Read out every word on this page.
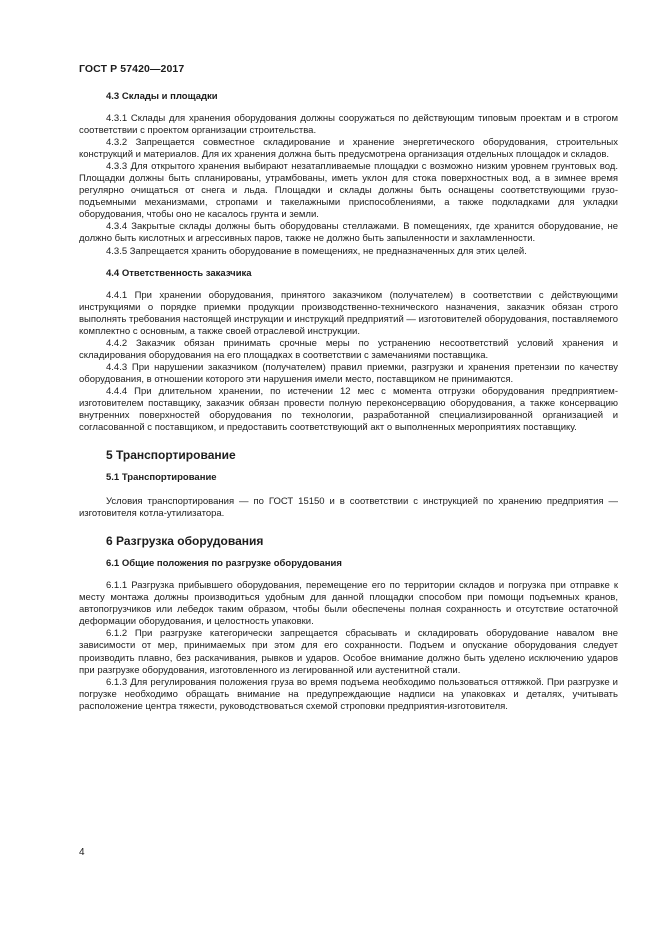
ГОСТ Р 57420—2017

4.3 Склады и площадки

4.3.1 Склады для хранения оборудования должны сооружаться по действующим типовым проектам и в строгом соответствии с проектом организации строительства.

4.3.2 Запрещается совместное складирование и хранение энергетического оборудования, строительных конструкций и материалов. Для их хранения должна быть предусмотрена организация отдельных площадок и складов.

4.3.3 Для открытого хранения выбирают незатапливаемые площадки с возможно низким уровнем грунтовых вод. Площадки должны быть спланированы, утрамбованы, иметь уклон для стока поверхностных вод, а в зимнее время регулярно очищаться от снега и льда. Площадки и склады должны быть оснащены соответствующими грузо-подъемными механизмами, стропами и такелажными приспособлениями, а также подкладками для укладки оборудования, чтобы оно не касалось грунта и земли.

4.3.4 Закрытые склады должны быть оборудованы стеллажами. В помещениях, где хранится оборудование, не должно быть кислотных и агрессивных паров, также не должно быть запыленности и захламленности.

4.3.5 Запрещается хранить оборудование в помещениях, не предназначенных для этих целей.

4.4 Ответственность заказчика

4.4.1 При хранении оборудования, принятого заказчиком (получателем) в соответствии с действующими инструкциями о порядке приемки продукции производственно-технического назначения, заказчик обязан строго выполнять требования настоящей инструкции и инструкций предприятий — изготовителей оборудования, поставляемого комплектно с основным, а также своей отраслевой инструкции.

4.4.2 Заказчик обязан принимать срочные меры по устранению несоответствий условий хранения и складирования оборудования на его площадках в соответствии с замечаниями поставщика.

4.4.3 При нарушении заказчиком (получателем) правил приемки, разгрузки и хранения претензии по качеству оборудования, в отношении которого эти нарушения имели место, поставщиком не принимаются.

4.4.4 При длительном хранении, по истечении 12 мес с момента отгрузки оборудования предприятием-изготовителем поставщику, заказчик обязан провести полную переконсервацию оборудования, а также консервацию внутренних поверхностей оборудования по технологии, разработанной специализированной организацией и согласованной с поставщиком, и предоставить соответствующий акт о выполненных мероприятиях поставщику.

5 Транспортирование

5.1 Транспортирование

Условия транспортирования — по ГОСТ 15150 и в соответствии с инструкцией по хранению предприятия — изготовителя котла-утилизатора.

6 Разгрузка оборудования

6.1 Общие положения по разгрузке оборудования

6.1.1 Разгрузка прибывшего оборудования, перемещение его по территории складов и погрузка при отправке к месту монтажа должны производиться удобным для данной площадки способом при помощи подъемных кранов, автопогрузчиков или лебедок таким образом, чтобы были обеспечены полная сохранность и отсутствие остаточной деформации оборудования, и целостность упаковки.

6.1.2 При разгрузке категорически запрещается сбрасывать и складировать оборудование навалом вне зависимости от мер, принимаемых при этом для его сохранности. Подъем и опускание оборудования следует производить плавно, без раскачивания, рывков и ударов. Особое внимание должно быть уделено исключению ударов при разгрузке оборудования, изготовленного из легированной или аустенитной стали.

6.1.3 Для регулирования положения груза во время подъема необходимо пользоваться оттяжкой. При разгрузке и погрузке необходимо обращать внимание на предупреждающие надписи на упаковках и деталях, учитывать расположение центра тяжести, руководствоваться схемой строповки предприятия-изготовителя.

4
